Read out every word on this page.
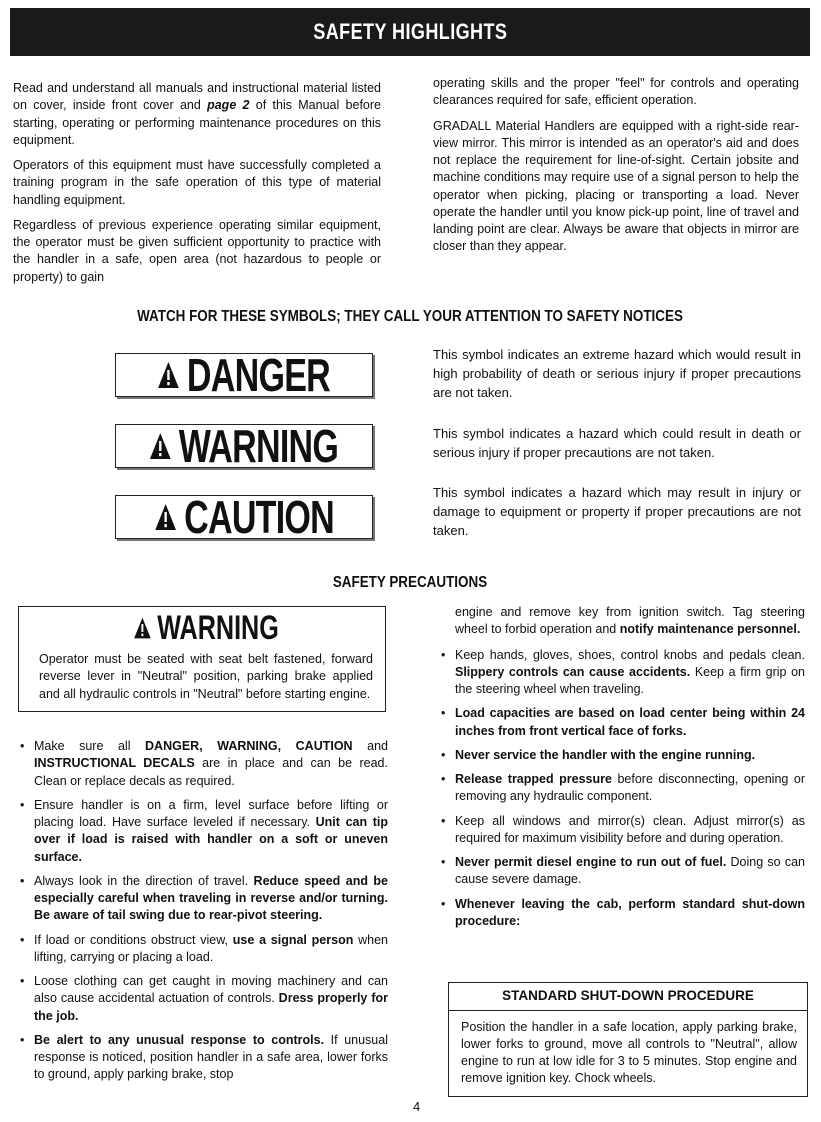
SAFETY HIGHLIGHTS

Read and understand all manuals and instructional material listed on cover, inside front cover and page 2 of this Manual before starting, operating or performing maintenance procedures on this equipment.

Operators of this equipment must have successfully completed a training program in the safe operation of this type of material handling equipment.

Regardless of previous experience operating similar equipment, the operator must be given sufficient opportunity to practice with the handler in a safe, open area (not hazardous to people or property) to gain

operating skills and the proper "feel" for controls and operating clearances required for safe, efficient operation.

GRADALL Material Handlers are equipped with a right-side rear-view mirror. This mirror is intended as an operator's aid and does not replace the requirement for line-of-sight. Certain jobsite and machine conditions may require use of a signal person to help the operator when picking, placing or transporting a load. Never operate the handler until you know pick-up point, line of travel and landing point are clear. Always be aware that objects in mirror are closer than they appear.

WATCH FOR THESE SYMBOLS; THEY CALL YOUR ATTENTION TO SAFETY NOTICES
DANGER	This symbol indicates an extreme hazard which would result in high probability of death or serious injury if proper precautions are not taken.
WARNING	This symbol indicates a hazard which could result in death or serious injury if proper precautions are not taken.
CAUTION	This symbol indicates a hazard which may result in injury or damage to equipment or property if proper precautions are not taken.
SAFETY PRECAUTIONS
WARNING
Operator must be seated with seat belt fastened, forward reverse lever in "Neutral" position, parking brake applied and all hydraulic controls in "Neutral" before starting engine.
• Make sure all DANGER, WARNING, CAUTION and INSTRUCTIONAL DECALS are in place and can be read. Clean or replace decals as required.
• Ensure handler is on a firm, level surface before lifting or placing load. Have surface leveled if necessary. Unit can tip over if load is raised with handler on a soft or uneven surface.
• Always look in the direction of travel. Reduce speed and be especially careful when traveling in reverse and/or turning. Be aware of tail swing due to rear-pivot steering.
• If load or conditions obstruct view, use a signal person when lifting, carrying or placing a load.
• Loose clothing can get caught in moving machinery and can also cause accidental actuation of controls. Dress properly for the job.
• Be alert to any unusual response to controls. If unusual response is noticed, position handler in a safe area, lower forks to ground, apply parking brake, stop

engine and remove key from ignition switch. Tag steering wheel to forbid operation and notify maintenance personnel.

• Keep hands, gloves, shoes, control knobs and pedals clean. Slippery controls can cause accidents. Keep a firm grip on the steering wheel when traveling.
• Load capacities are based on load center being within 24 inches from front vertical face of forks.
• Never service the handler with the engine running.
• Release trapped pressure before disconnecting, opening or removing any hydraulic component.
• Keep all windows and mirror(s) clean. Adjust mirror(s) as required for maximum visibility before and during operation.
• Never permit diesel engine to run out of fuel. Doing so can cause severe damage.
• Whenever leaving the cab, perform standard shut-down procedure:
STANDARD SHUT-DOWN PROCEDURE
Position the handler in a safe location, apply parking brake, lower forks to ground, move all controls to "Neutral", allow engine to run at low idle for 3 to 5 minutes. Stop engine and remove ignition key. Chock wheels.
4
